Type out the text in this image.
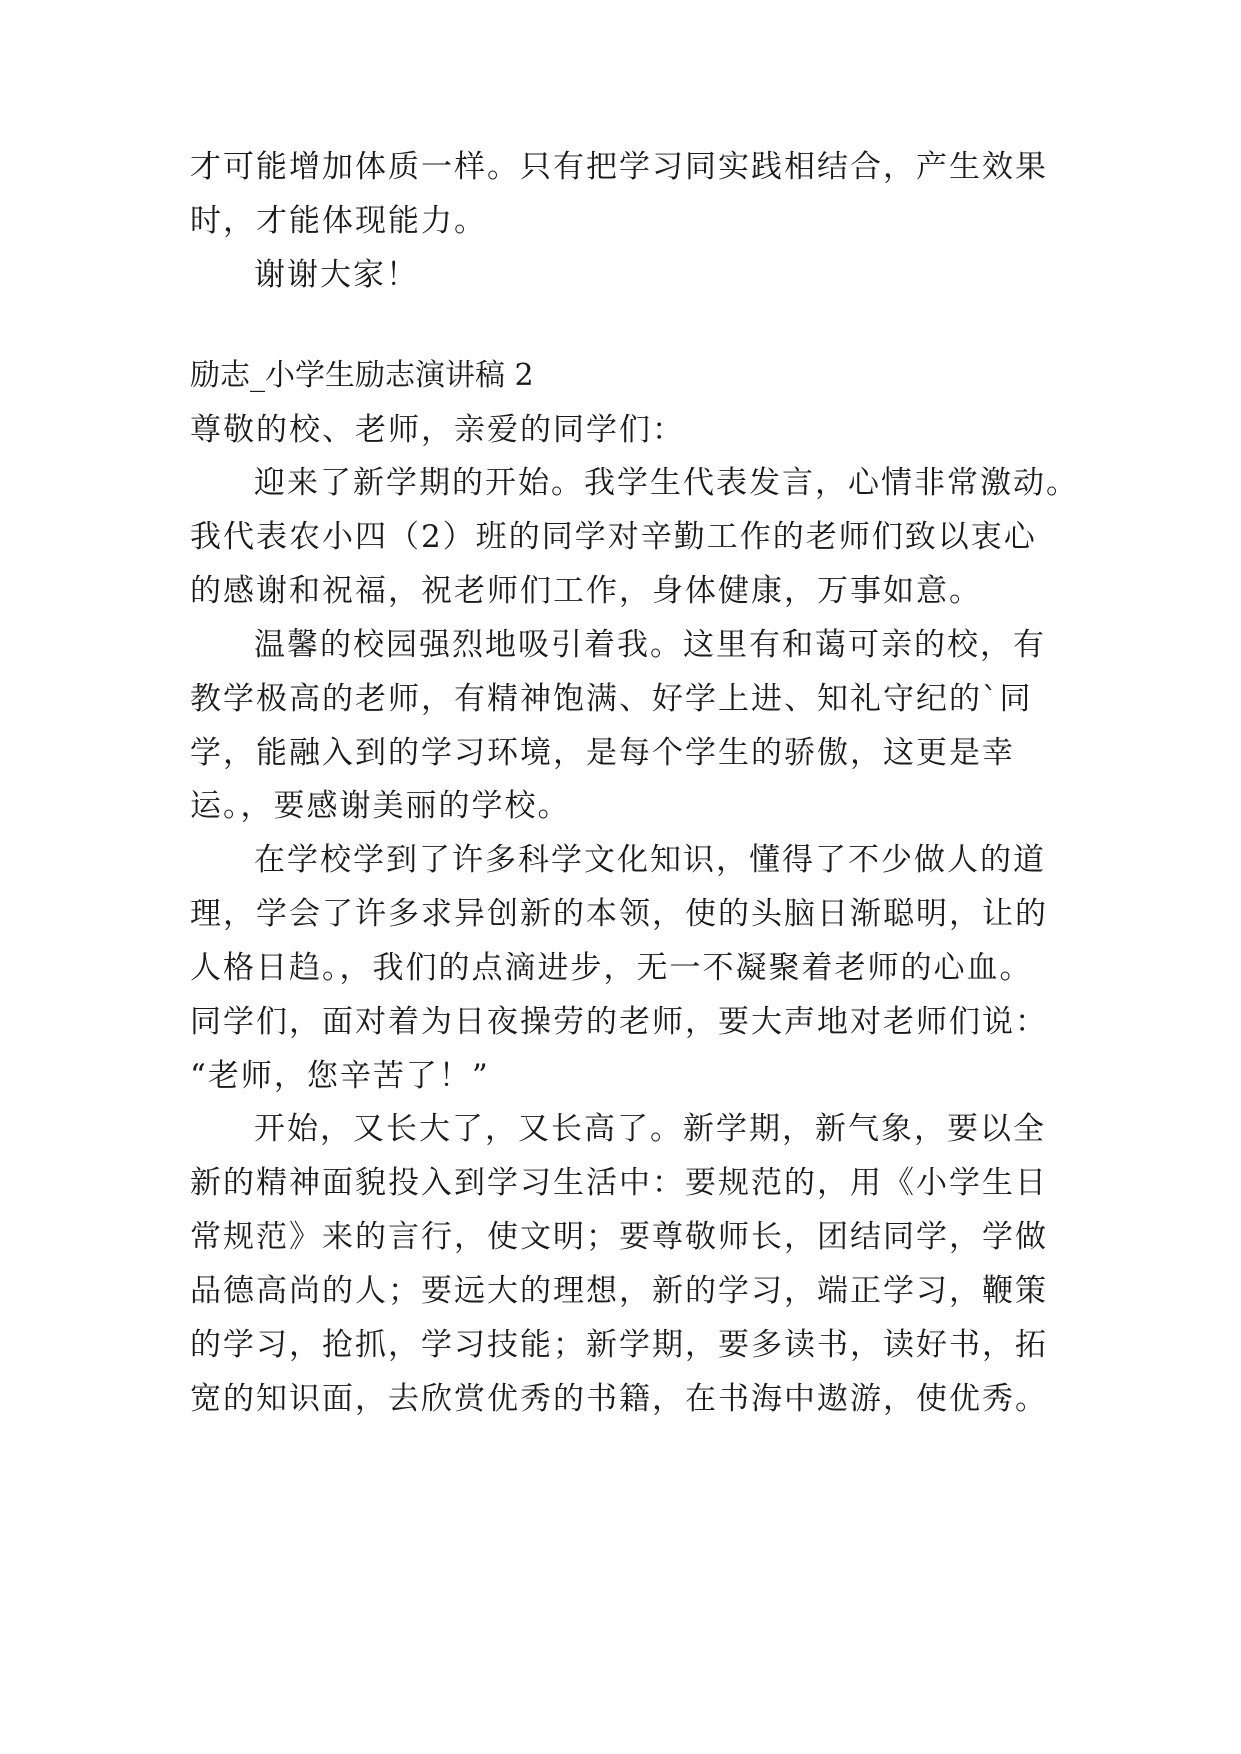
才可能增加体质一样。只有把学习同实践相结合，产生效果
时，才能体现能力。
谢谢大家！
励志_小学生励志演讲稿 2
尊敬的校、老师，亲爱的同学们：
迎来了新学期的开始。我学生代表发言，心情非常激动。
我代表农小四（2）班的同学对辛勤工作的老师们致以衷心
的感谢和祝福，祝老师们工作，身体健康，万事如意。
温馨的校园强烈地吸引着我。这里有和蔼可亲的校，有
教学极高的老师，有精神饱满、好学上进、知礼守纪的`同
学，能融入到的学习环境，是每个学生的骄傲，这更是幸
运。，要感谢美丽的学校。
在学校学到了许多科学文化知识，懂得了不少做人的道
理，学会了许多求异创新的本领，使的头脑日渐聪明，让的
人格日趋。，我们的点滴进步，无一不凝聚着老师的心血。
同学们，面对着为日夜操劳的老师，要大声地对老师们说：
“老师，您辛苦了！”
开始，又长大了，又长高了。新学期，新气象，要以全
新的精神面貌投入到学习生活中：要规范的，用《小学生日
常规范》来的言行，使文明；要尊敬师长，团结同学，学做
品德高尚的人；要远大的理想，新的学习，端正学习，鞭策
的学习，抢抓，学习技能；新学期，要多读书，读好书，拓
宽的知识面，去欣赏优秀的书籍，在书海中遨游，使优秀。
